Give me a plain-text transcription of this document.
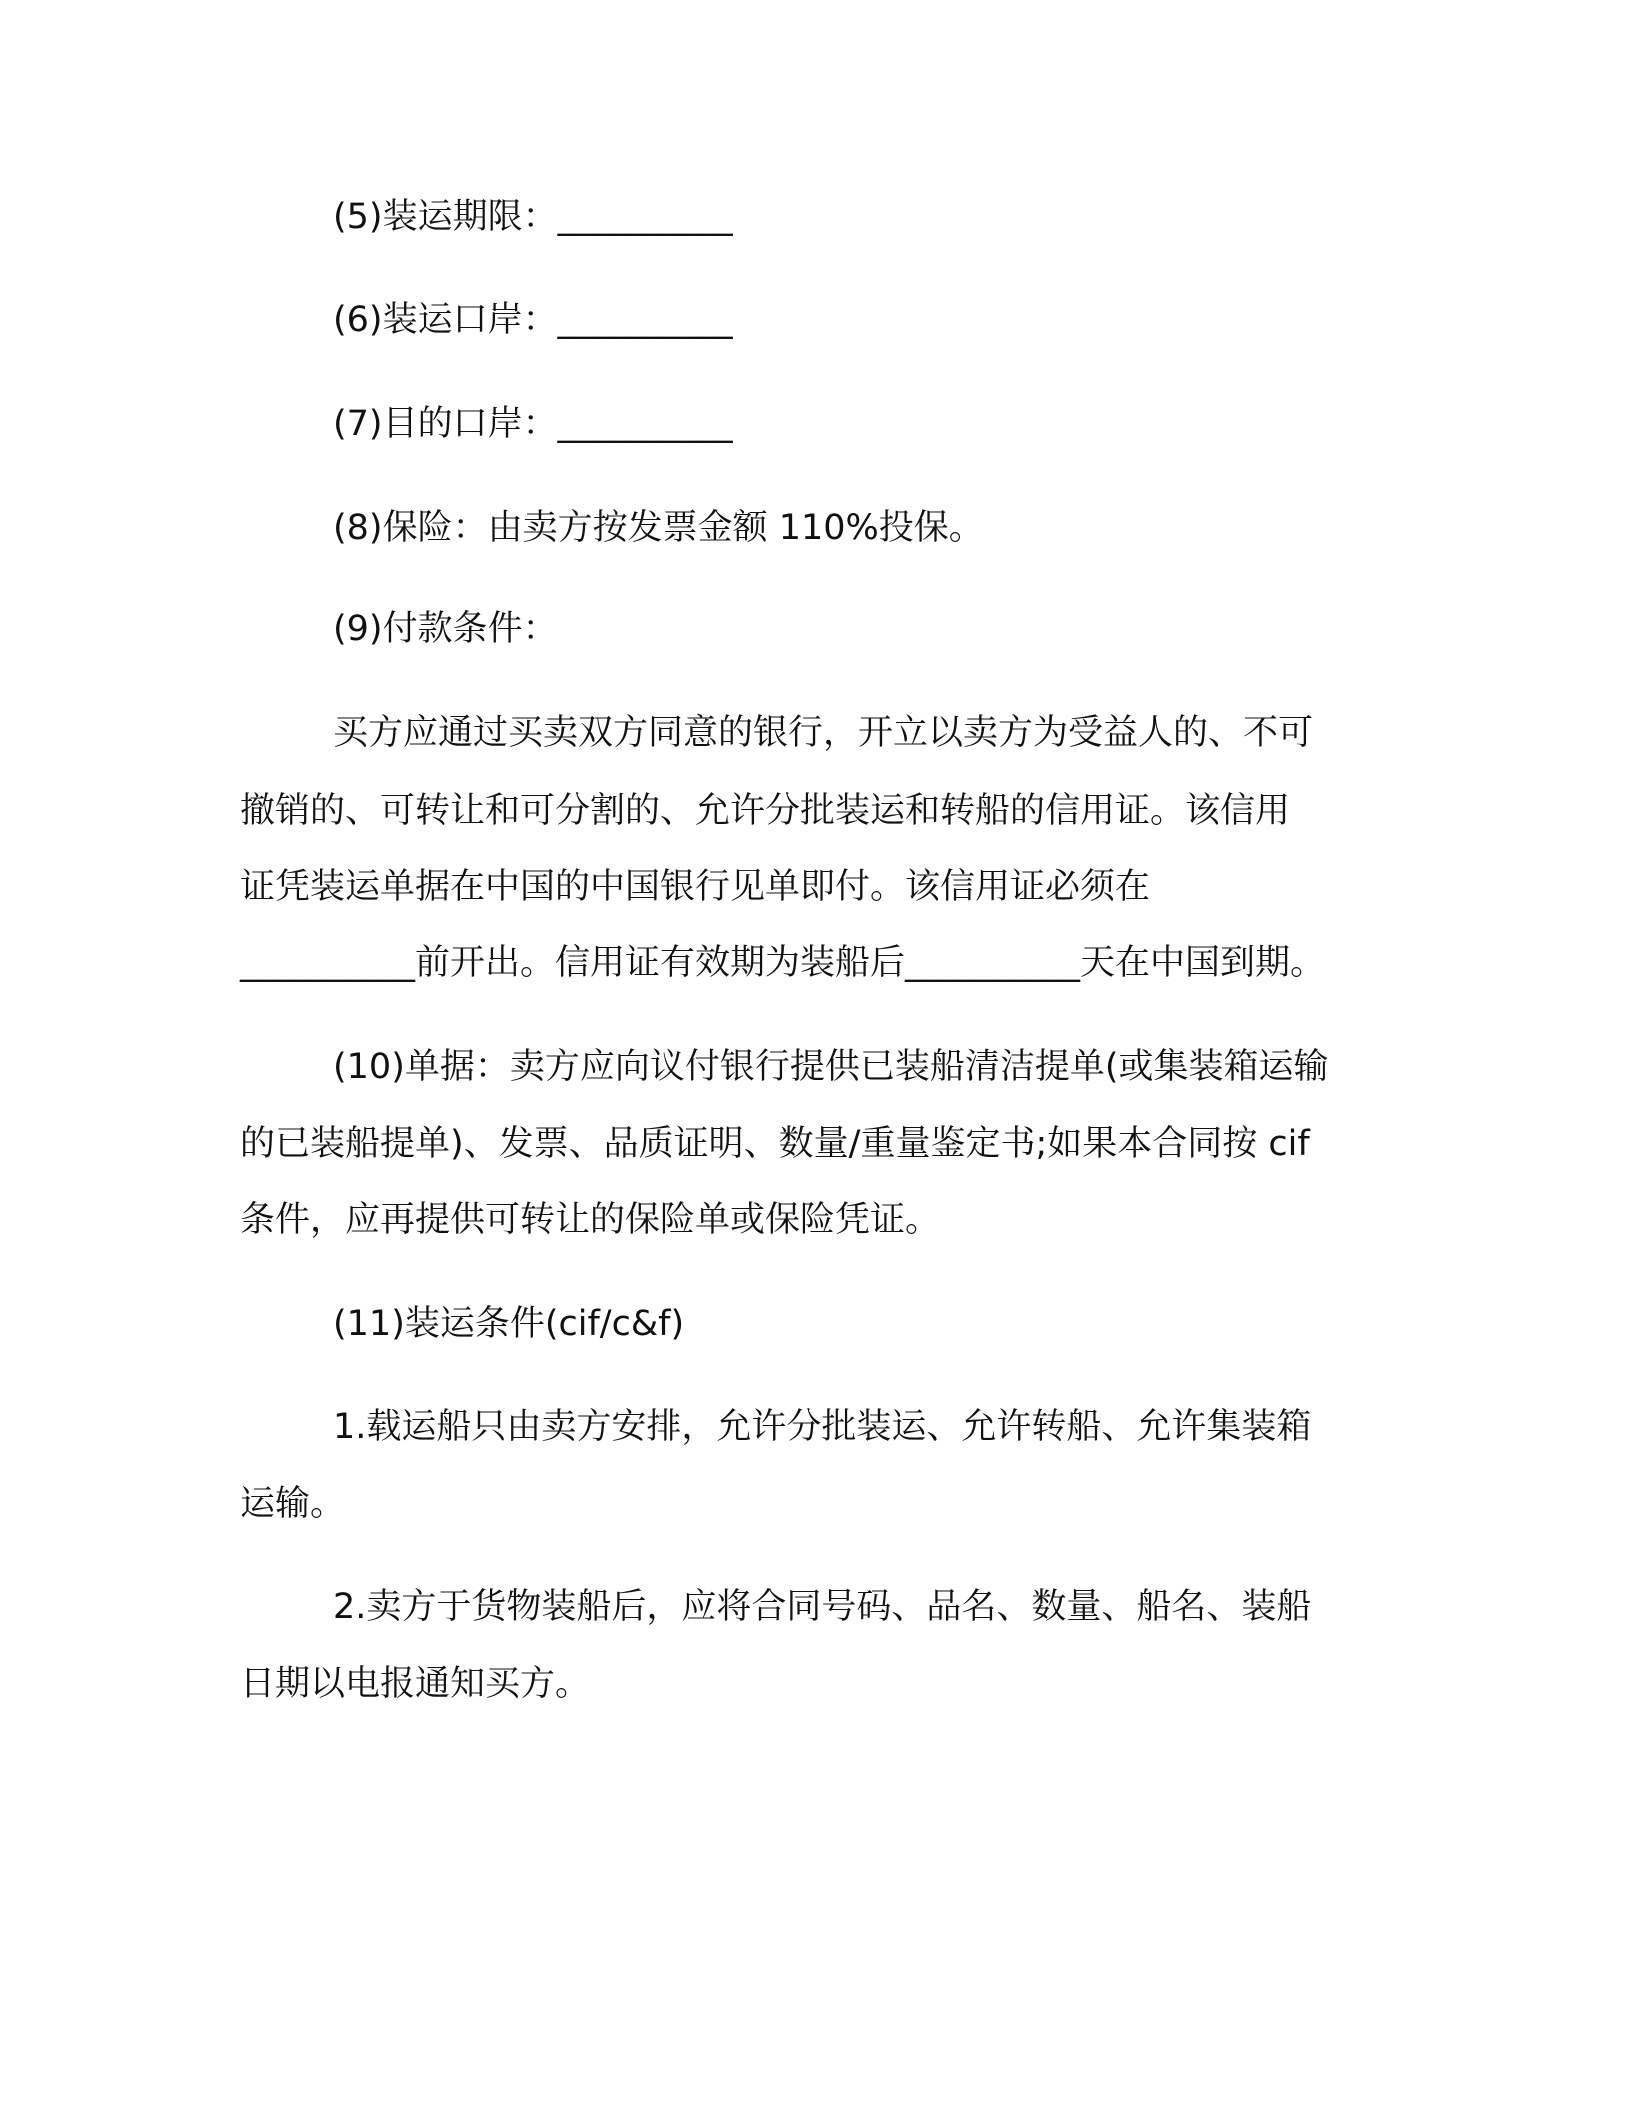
(5)装运期限：__________
(6)装运口岸：__________
(7)目的口岸：__________
(8)保险：由卖方按发票金额 110%投保。
(9)付款条件：
买方应通过买卖双方同意的银行，开立以卖方为受益人的、不可
撤销的、可转让和可分割的、允许分批装运和转船的信用证。该信用
证凭装运单据在中国的中国银行见单即付。该信用证必须在
__________前开出。信用证有效期为装船后__________天在中国到期。
(10)单据：卖方应向议付银行提供已装船清洁提单(或集装箱运输
的已装船提单)、发票、品质证明、数量/重量鉴定书;如果本合同按 cif
条件，应再提供可转让的保险单或保险凭证。
(11)装运条件(cif/c&f)
1.载运船只由卖方安排，允许分批装运、允许转船、允许集装箱
运输。
2.卖方于货物装船后，应将合同号码、品名、数量、船名、装船
日期以电报通知买方。
